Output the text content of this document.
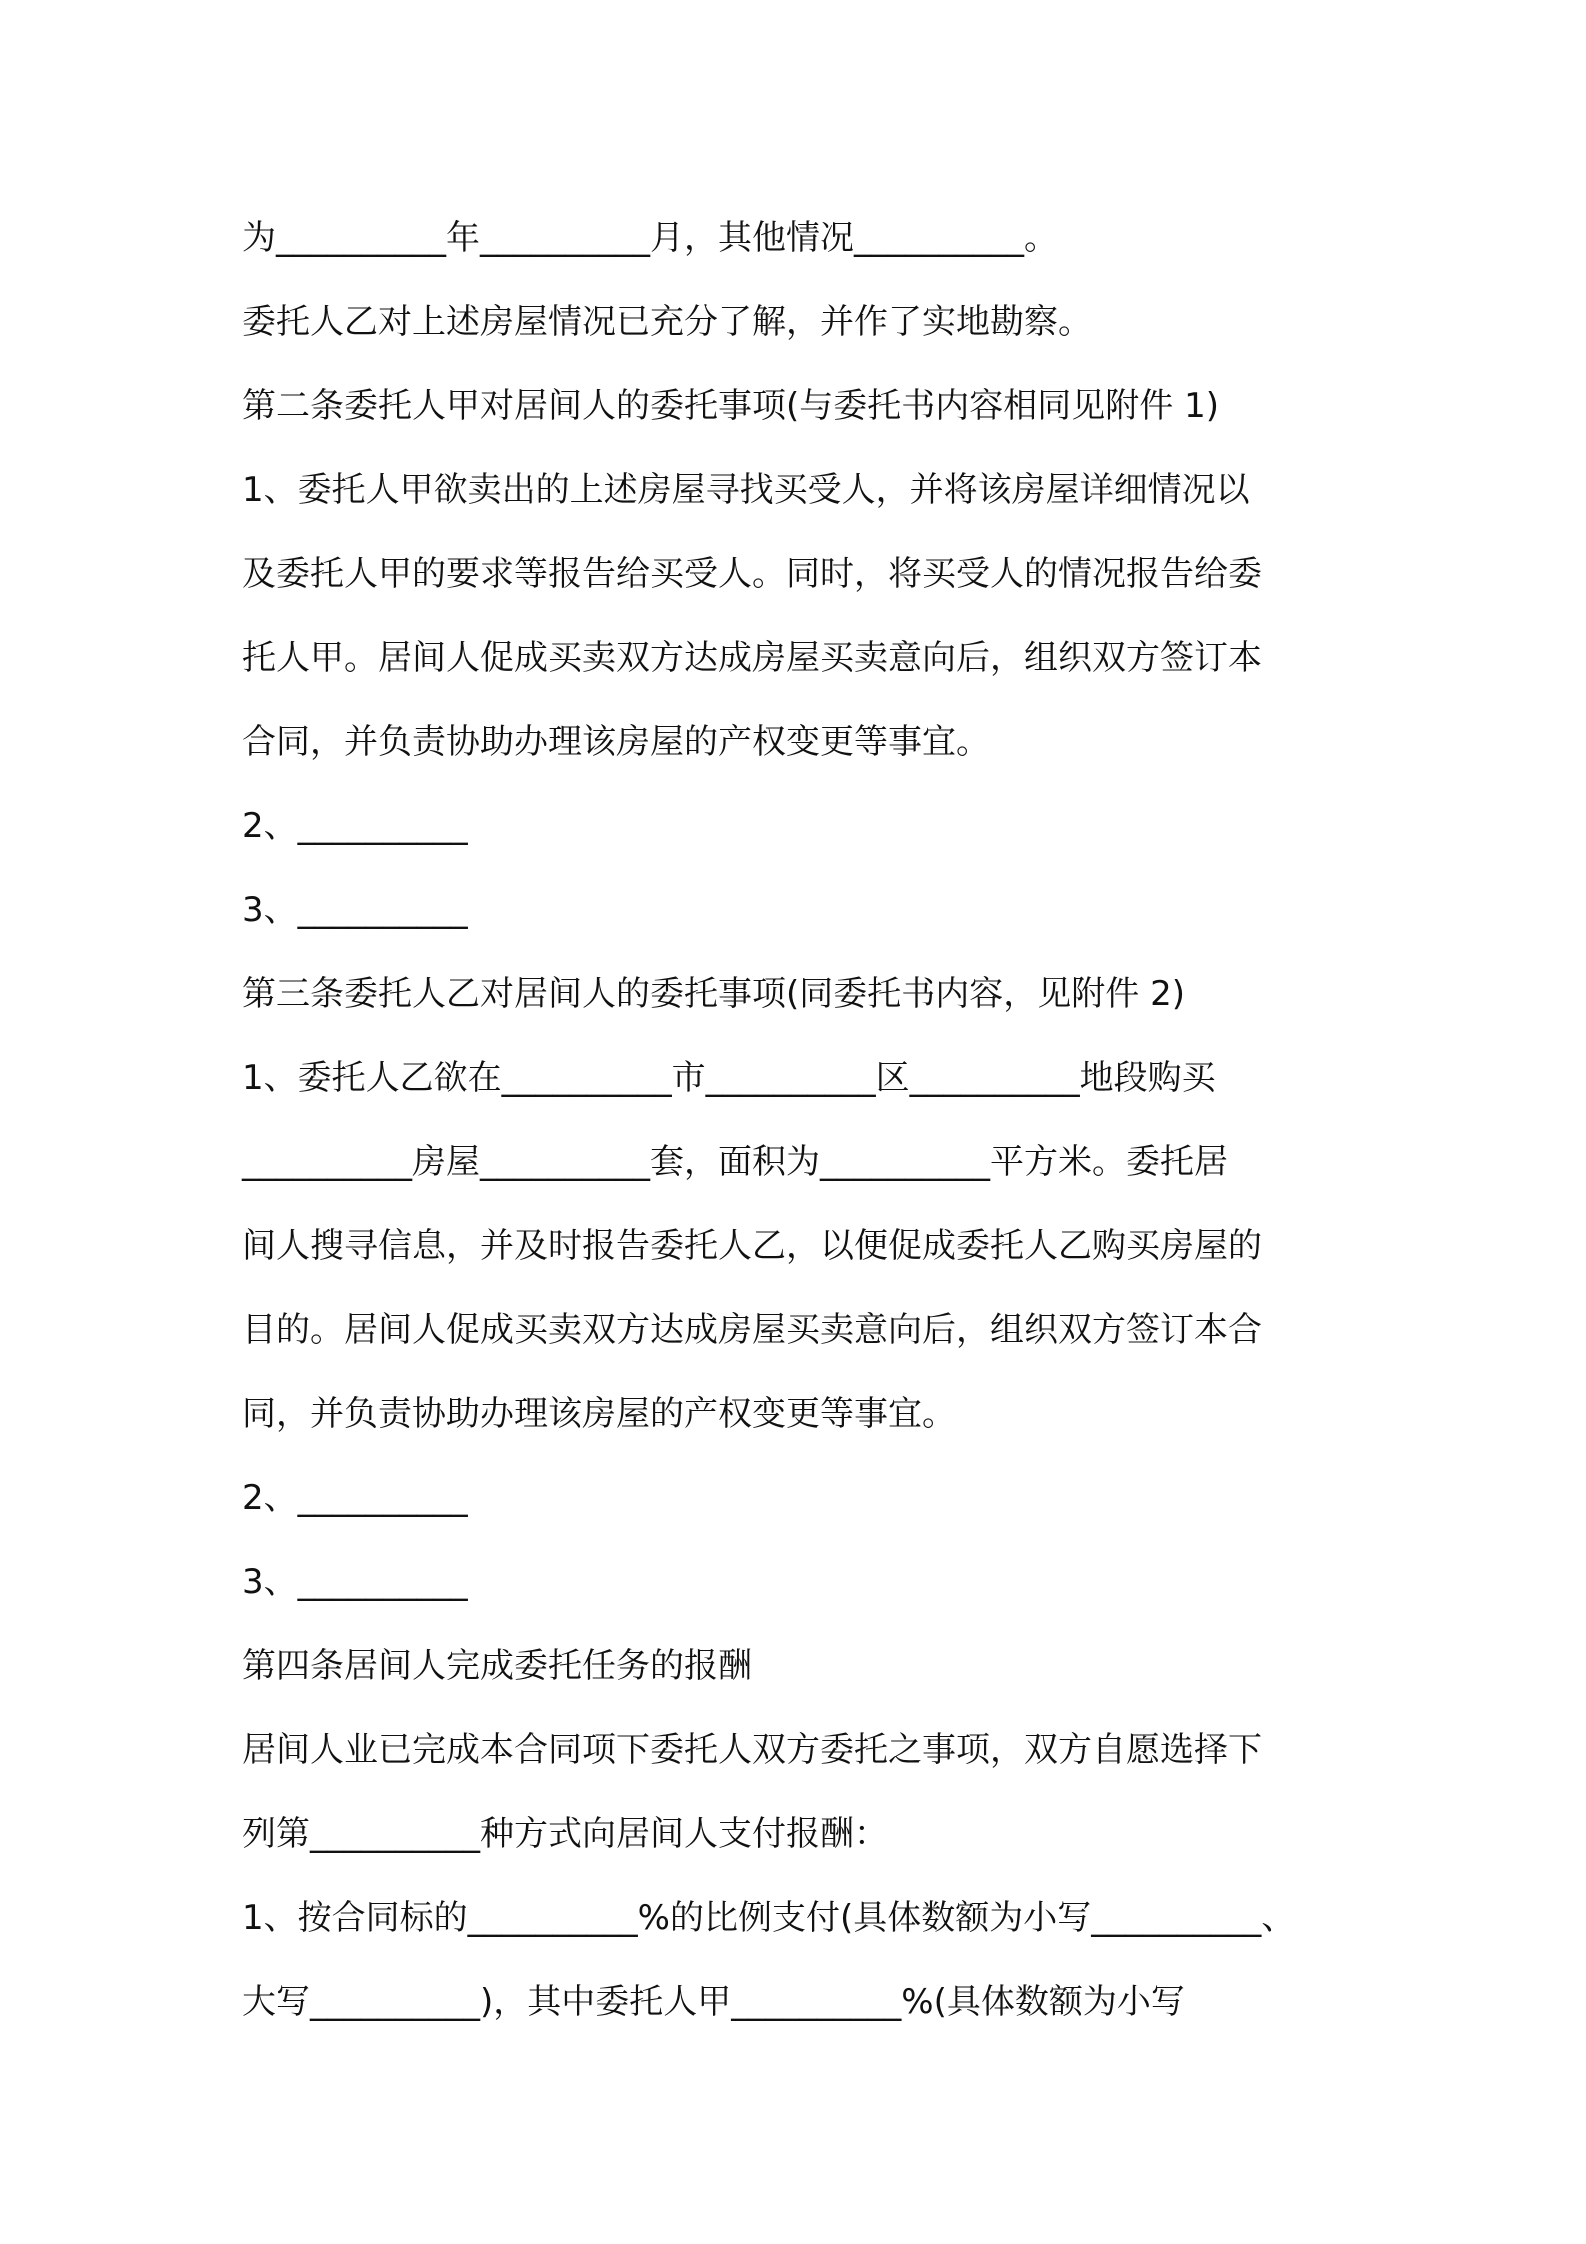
为__________年__________月，其他情况__________。
委托人乙对上述房屋情况已充分了解，并作了实地勘察。
第二条委托人甲对居间人的委托事项(与委托书内容相同见附件 1)
1、委托人甲欲卖出的上述房屋寻找买受人，并将该房屋详细情况以
及委托人甲的要求等报告给买受人。同时，将买受人的情况报告给委
托人甲。居间人促成买卖双方达成房屋买卖意向后，组织双方签订本
合同，并负责协助办理该房屋的产权变更等事宜。
2、__________
3、__________
第三条委托人乙对居间人的委托事项(同委托书内容，见附件 2)
1、委托人乙欲在__________市__________区__________地段购买
__________房屋__________套，面积为__________平方米。委托居
间人搜寻信息，并及时报告委托人乙，以便促成委托人乙购买房屋的
目的。居间人促成买卖双方达成房屋买卖意向后，组织双方签订本合
同，并负责协助办理该房屋的产权变更等事宜。
2、__________
3、__________
第四条居间人完成委托任务的报酬
居间人业已完成本合同项下委托人双方委托之事项，双方自愿选择下
列第__________种方式向居间人支付报酬：
1、按合同标的__________%的比例支付(具体数额为小写__________、
大写__________)，其中委托人甲__________%(具体数额为小写
